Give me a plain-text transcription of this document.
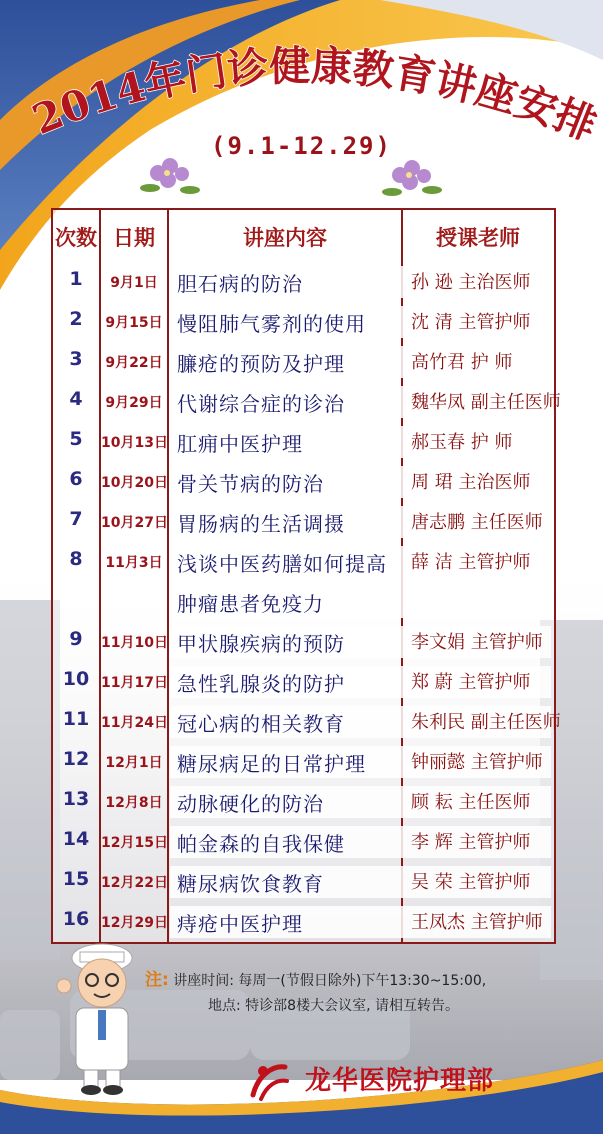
2014年门诊健康教育讲座安排
(9.1-12.29)
次数 日期	讲座内容	授课老师
1	9月1日 胆石病的防治	孙 逊 主治医师
2	9月15日 慢阻肺气雾剂的使用	沈 清 主管护师
3	9月22日 臁疮的预防及护理	高竹君 护 师
4	9月29日 代谢综合症的诊治	魏华凤 副主任医师
5	10月13日 肛痈中医护理	郝玉春 护 师
6	10月20日 骨关节病的防治	周 珺 主治医师
7	10月27日 胃肠病的生活调摄	唐志鹏 主任医师
8	11月3日 浅谈中医药膳如何提高 薛 洁 主管护师
肿瘤患者免疫力
9	11月10日 甲状腺疾病的预防	李文娟 主管护师
10 11月17日 急性乳腺炎的防护	郑 蔚 主管护师
11 11月24日 冠心病的相关教育	朱利民 副主任医师
12	12月1日 糖尿病足的日常护理	钟丽懿 主管护师
13	12月8日 动脉硬化的防治	顾 耘 主任医师
14 12月15日 帕金森的自我保健	李 辉 主管护师
15 12月22日 糖尿病饮食教育	吴 荣 主管护师
16 12月29日 痔疮中医护理	王凤杰 主管护师
注: 讲座时间: 每周一(节假日除外)下午13:30~15:00,
地点: 特诊部8楼大会议室, 请相互转告。
龙华医院护理部
